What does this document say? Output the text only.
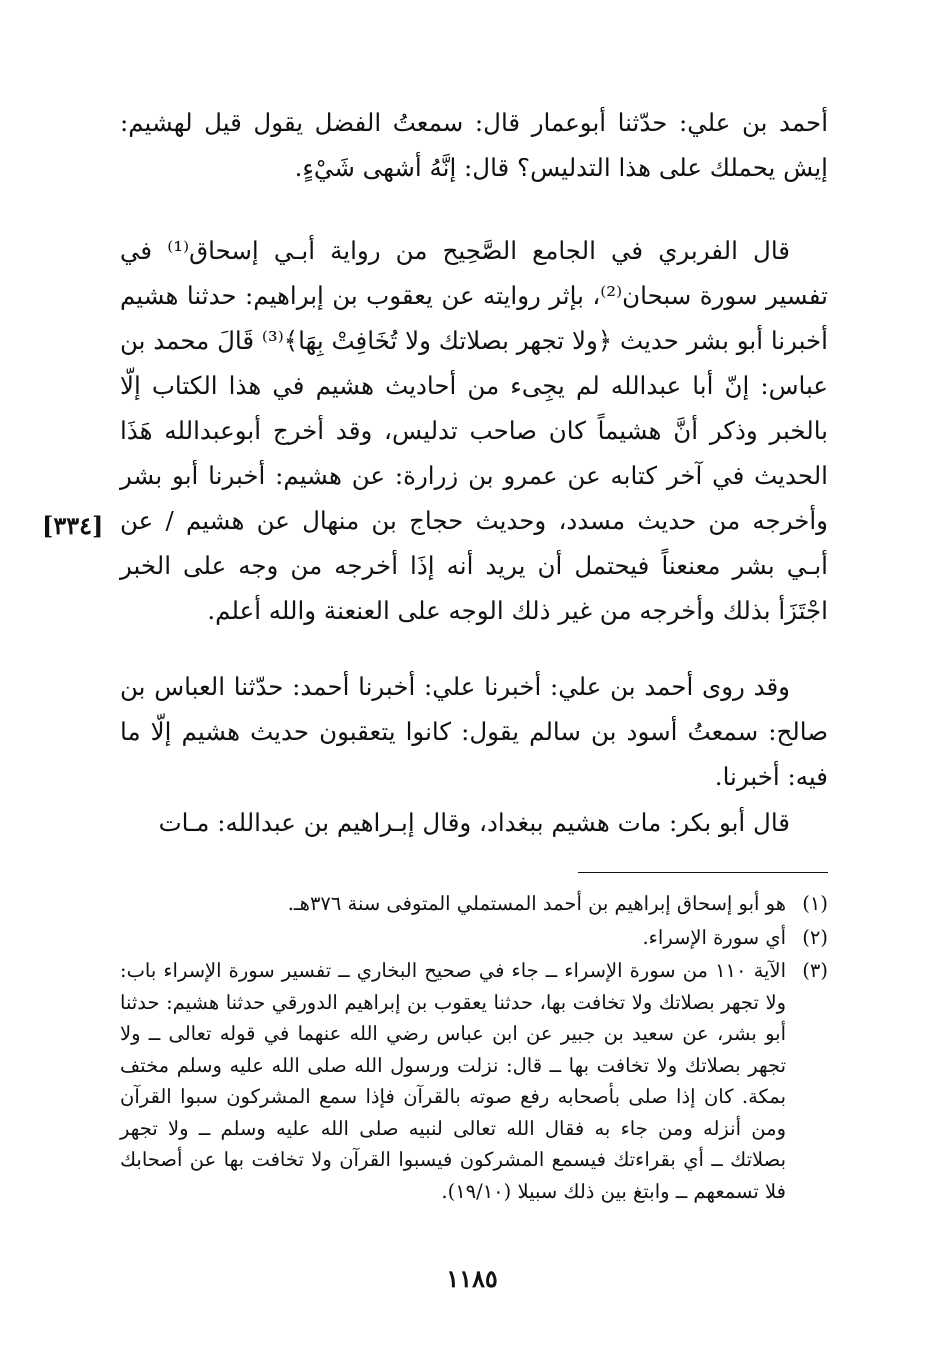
أحمد بن علي: حدّثنا أبوعمار قال: سمعتُ الفضل يقول قيل لهشيم: إيش يحملك على هذا التدليس؟ قال: إنَّهُ أشهى شَيْءٍ.

قال الفربري في الجامع الصَّحِيح من رواية أبـي إسحاق⁽¹⁾ في تفسير سورة سبحان⁽²⁾، بإثر روايته عن يعقوب بن إبراهيم: حدثنا هشيم أخبرنا أبو بشر حديث ﴿ولا تجهر بصلاتك ولا تُخَافِتْ بِهَا﴾⁽³⁾ قَالَ محمد بن عباس: إنّ أبا عبدالله لم يجِىء من أحاديث هشيم في هذا الكتاب إلّا بالخبر وذكر أنَّ هشيماً كان صاحب تدليس، وقد أخرج أبوعبدالله هَذَا الحديث في آخر كتابه عن عمرو بن زرارة: عن هشيم: أخبرنا أبو بشر وأخرجه من حديث مسدد، وحديث حجاج بن منهال عن هشيم / عن أبـي بشر معنعناً فيحتمل أن يريد أنه إذَا أخرجه من وجه على الخبر اجْتَزَأ بذلك وأخرجه من غير ذلك الوجه على العنعنة والله أعلم.

[٣٣٤]

وقد روى أحمد بن علي: أخبرنا علي: أخبرنا أحمد: حدّثنا العباس بن صالح: سمعتُ أسود بن سالم يقول: كانوا يتعقبون حديث هشيم إلّا ما فيه: أخبرنا.

قال أبو بكر: مات هشيم ببغداد، وقال إبـراهيم بن عبدالله: مـات

(١)
هو أبو إسحاق إبراهيم بن أحمد المستملي المتوفى سنة ٣٧٦هـ.
(٢)
أي سورة الإسراء.
(٣)
الآية ١١٠ من سورة الإسراء ــ جاء في صحيح البخاري ــ تفسير سورة الإسراء باب: ولا تجهر بصلاتك ولا تخافت بها، حدثنا يعقوب بن إبراهيم الدورقي حدثنا هشيم: حدثنا أبو بشر، عن سعيد بن جبير عن ابن عباس رضي الله عنهما في قوله تعالى ــ ولا تجهر بصلاتك ولا تخافت بها ــ قال: نزلت ورسول الله صلى الله عليه وسلم مختف بمكة. كان إذا صلى بأصحابه رفع صوته بالقرآن فإذا سمع المشركون سبوا القرآن ومن أنزله ومن جاء به فقال الله تعالى لنبيه صلى الله عليه وسلم ــ ولا تجهر بصلاتك ــ أي بقراءتك فيسمع المشركون فيسبوا القرآن ولا تخافت بها عن أصحابك فلا تسمعهم ــ وابتغ بين ذلك سبيلا (١٩/١٠).
١١٨٥
